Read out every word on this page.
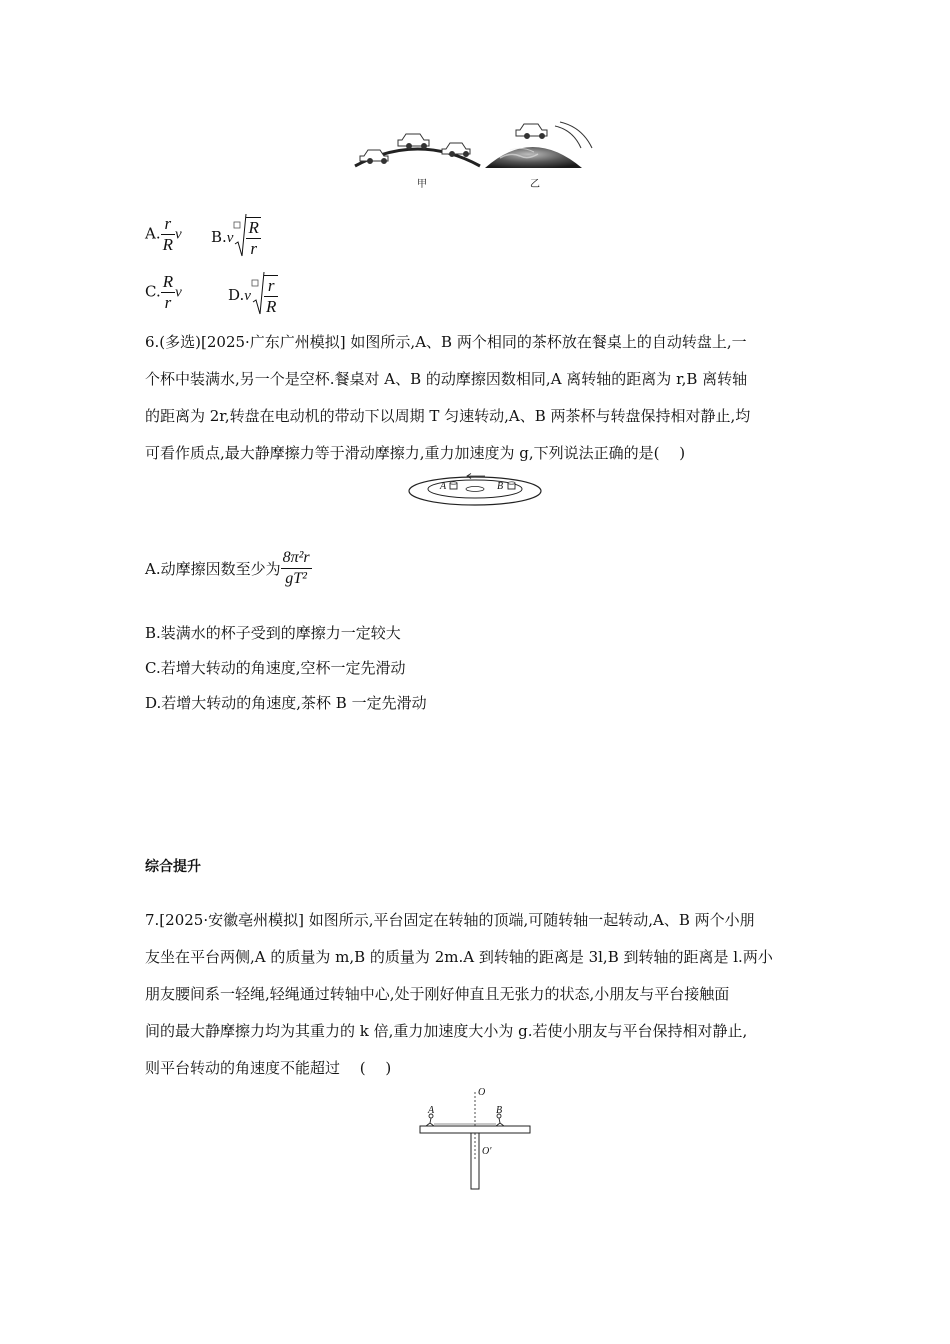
甲	乙
A. $\frac{r}{R}$ v $B.v \frac{R}{r}$
C. $\frac{R}{r}$ v	$D.v \frac{r}{R}$
6.(多选)[2025·广东广州模拟] 如图所示,A、B 两个相同的茶杯放在餐桌上的自动转盘上,一
个杯中装满水,另一个是空杯.餐桌对 A、B 的动摩擦因数相同,A 离转轴的距离为 r,B 离转轴
的距离为 2r,转盘在电动机的带动下以周期 T 匀速转动,A、B 两茶杯与转盘保持相对静止,均
可看作质点,最大静摩擦力等于滑动摩擦力,重力加速度为 g,下列说法正确的是(　 )
A	B
A.动摩擦因数至少为 $\frac{\text{8π²r}}{\text{gT²}}$
B.装满水的杯子受到的摩擦力一定较大
C.若增大转动的角速度,空杯一定先滑动
D.若增大转动的角速度,茶杯 B 一定先滑动
综合提升
7.[2025·安徽亳州模拟] 如图所示,平台固定在转轴的顶端,可随转轴一起转动,A、B 两个小朋
友坐在平台两侧,A 的质量为 m,B 的质量为 2m.A 到转轴的距离是 3l,B 到转轴的距离是 l.两小
朋友腰间系一轻绳,轻绳通过转轴中心,处于刚好伸直且无张力的状态,小朋友与平台接触面
间的最大静摩擦力均为其重力的 k 倍,重力加速度大小为 g.若使小朋友与平台保持相对静止,
则平台转动的角速度不能超过　 (　 )
O
O′
A	B
